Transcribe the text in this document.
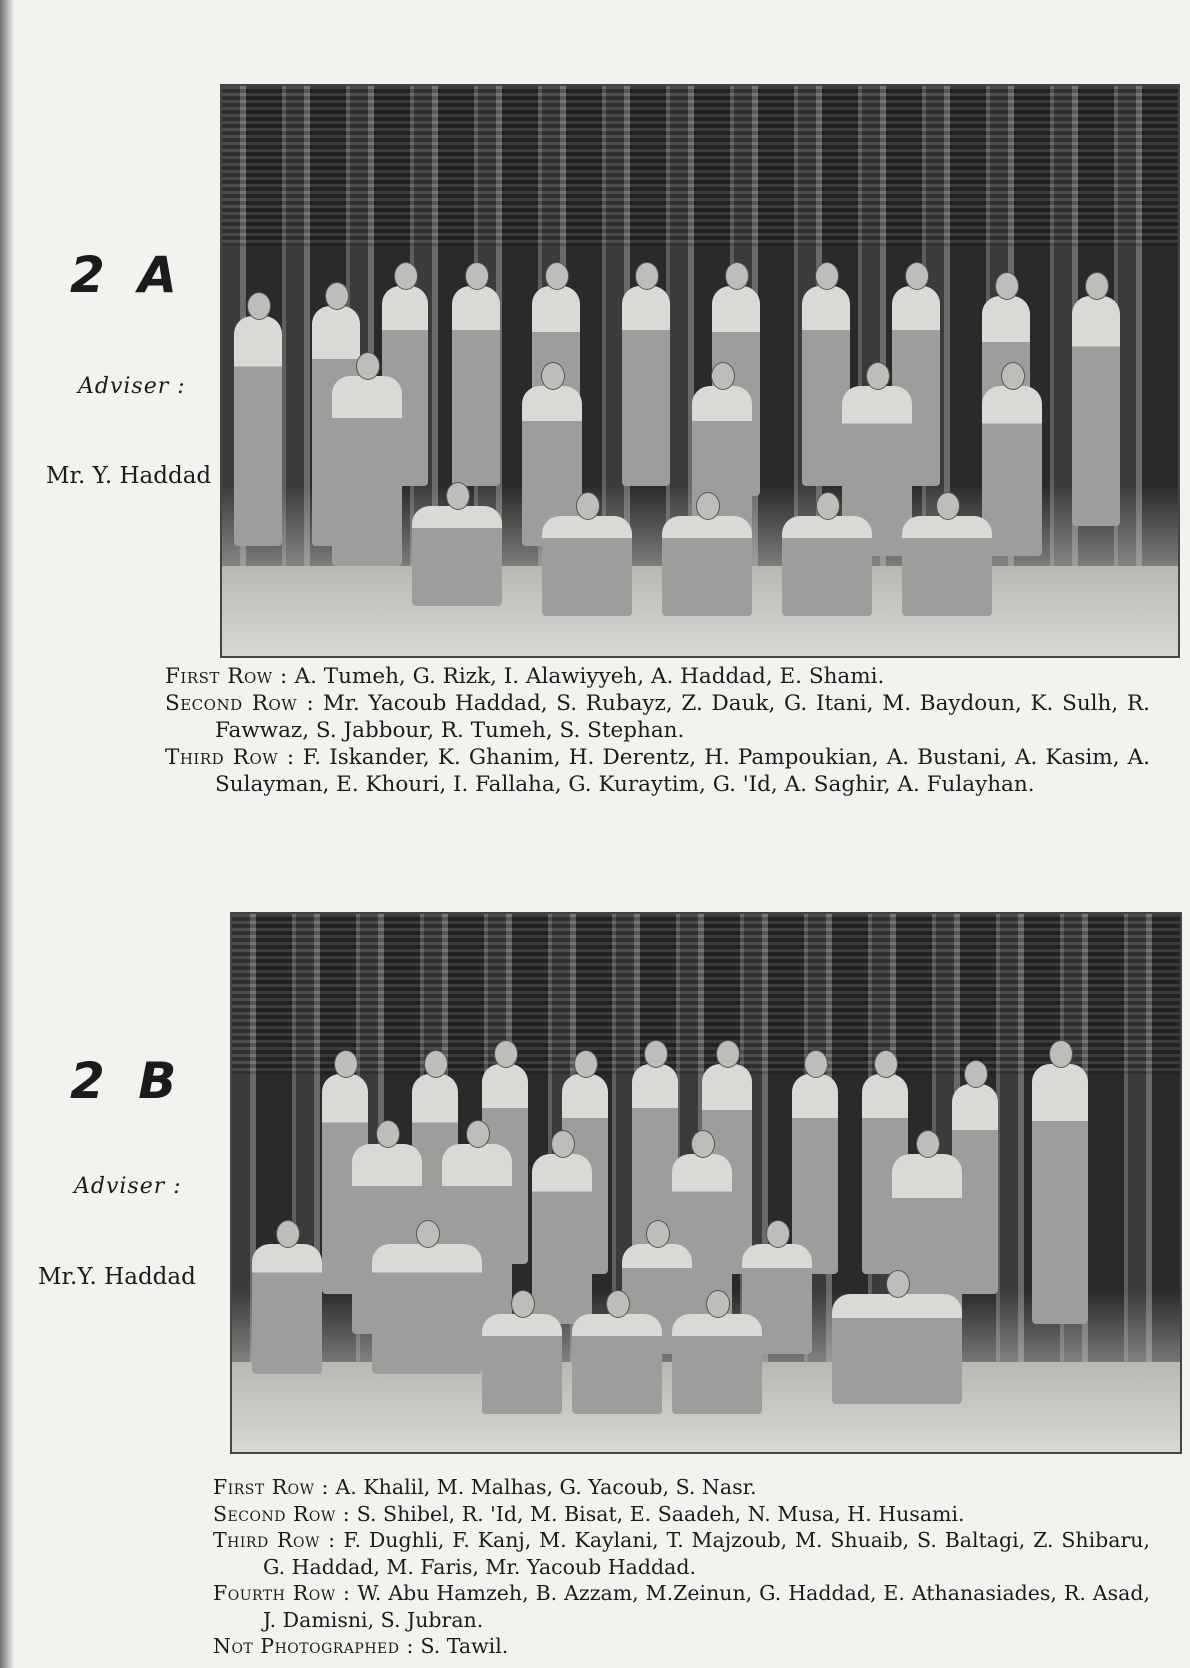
2 A
Adviser :
Mr. Y. Haddad

First Row : A. Tumeh, G. Rizk, I. Alawiyyeh, A. Haddad, E. Shami.

Second Row : Mr. Yacoub Haddad, S. Rubayz, Z. Dauk, G. Itani, M. Baydoun, K. Sulh, R. Fawwaz, S. Jabbour, R. Tumeh, S. Stephan.

Third Row : F. Iskander, K. Ghanim, H. Derentz, H. Pampoukian, A. Bustani, A. Kasim, A. Sulayman, E. Khouri, I. Fallaha, G. Kuraytim, G. 'Id, A. Saghir, A. Fulayhan.

2 B
Adviser :
Mr.Y. Haddad

First Row : A. Khalil, M. Malhas, G. Yacoub, S. Nasr.

Second Row : S. Shibel, R. 'Id, M. Bisat, E. Saadeh, N. Musa, H. Husami.

Third Row : F. Dughli, F. Kanj, M. Kaylani, T. Majzoub, M. Shuaib, S. Baltagi, Z. Shibaru, G. Haddad, M. Faris, Mr. Yacoub Haddad.

Fourth Row : W. Abu Hamzeh, B. Azzam, M.Zeinun, G. Haddad, E. Athanasiades, R. Asad, J. Damisni, S. Jubran.

Not Photographed : S. Tawil.
